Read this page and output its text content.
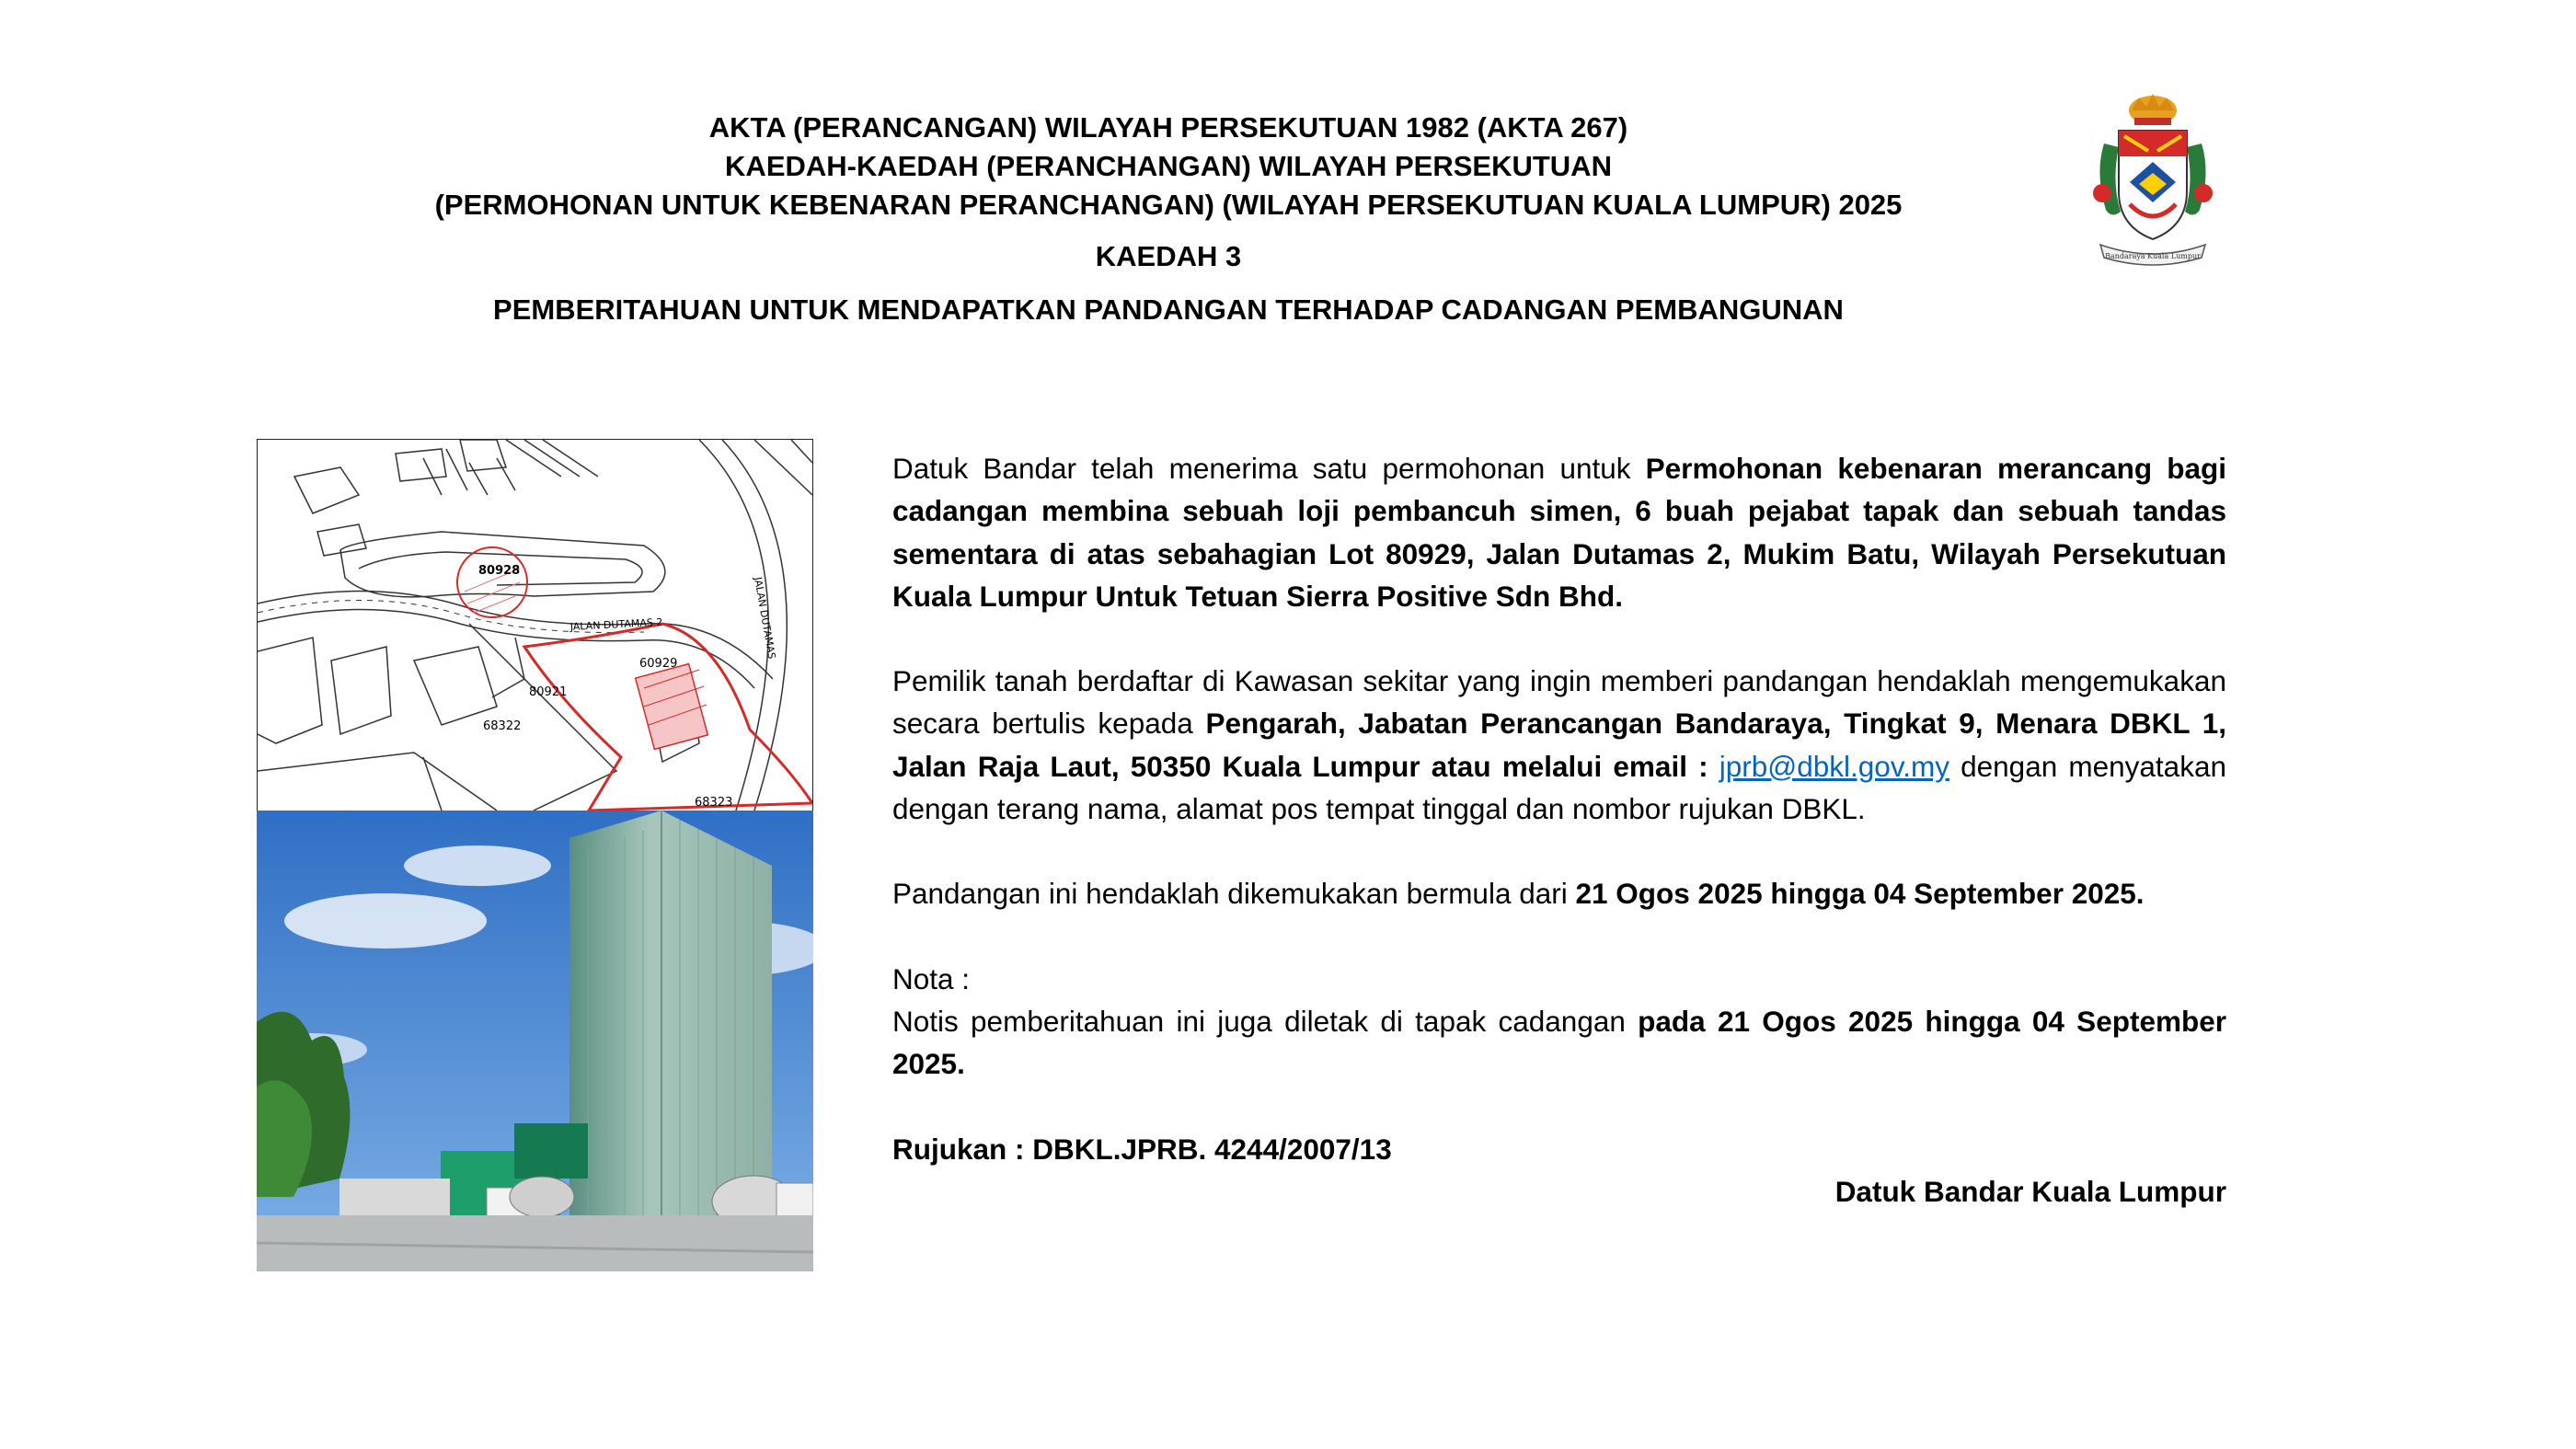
AKTA (PERANCANGAN) WILAYAH PERSEKUTUAN 1982 (AKTA 267)
KAEDAH-KAEDAH (PERANCHANGAN) WILAYAH PERSEKUTUAN
(PERMOHONAN UNTUK KEBENARAN PERANCHANGAN) (WILAYAH PERSEKUTUAN KUALA LUMPUR) 2025
KAEDAH 3
PEMBERITAHUAN UNTUK MENDAPATKAN PANDANGAN TERHADAP CADANGAN PEMBANGUNAN
Bandaraya Kuala Lumpur
80928
60929
80921
68322
68323
JALAN DUTAMAS 2	JALAN DUTAMAS

Datuk Bandar telah menerima satu permohonan untuk Permohonan kebenaran merancang bagi cadangan membina sebuah loji pembancuh simen, 6 buah pejabat tapak dan sebuah tandas sementara di atas sebahagian Lot 80929, Jalan Dutamas 2, Mukim Batu, Wilayah Persekutuan Kuala Lumpur Untuk Tetuan Sierra Positive Sdn Bhd.

Pemilik tanah berdaftar di Kawasan sekitar yang ingin memberi pandangan hendaklah mengemukakan secara bertulis kepada Pengarah, Jabatan Perancangan Bandaraya, Tingkat 9, Menara DBKL 1, Jalan Raja Laut, 50350 Kuala Lumpur atau melalui email : jprb@dbkl.gov.my dengan menyatakan dengan terang nama, alamat pos tempat tinggal dan nombor rujukan DBKL.

Pandangan ini hendaklah dikemukakan bermula dari 21 Ogos 2025 hingga 04 September 2025.

Nota :

Notis pemberitahuan ini juga diletak di tapak cadangan pada 21 Ogos 2025 hingga 04 September 2025.

Rujukan : DBKL.JPRB. 4244/2007/13

Datuk Bandar Kuala Lumpur
